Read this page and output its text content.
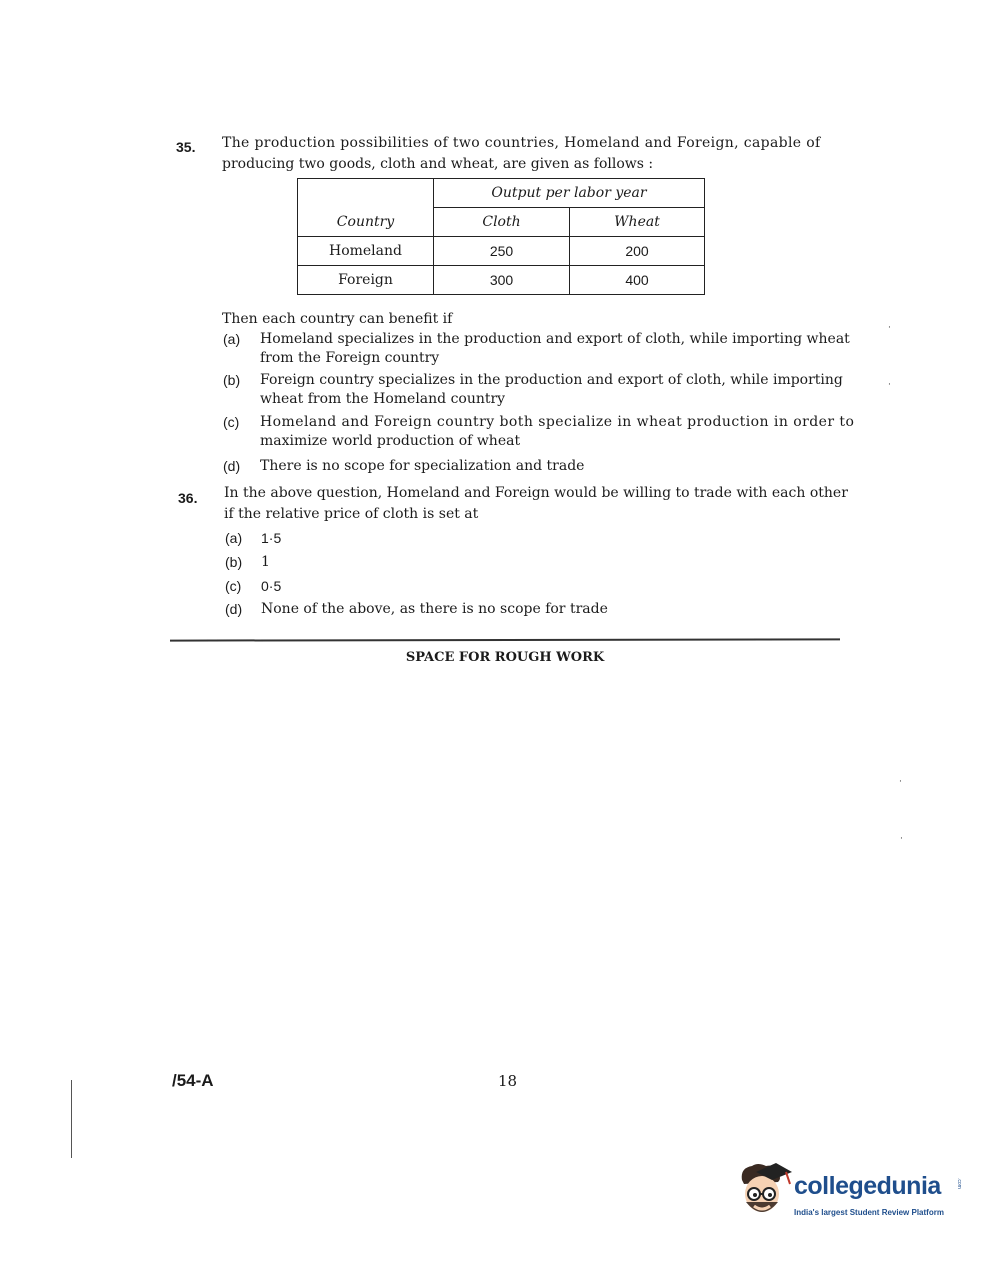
35. The production possibilities of two countries, Homeland and Foreign, capable of
producing two goods, cloth and wheat, are given as follows :
	Output per labor year	
Country	Cloth	Wheat
Homeland	250	200
Foreign	300	400
Then each country can benefit if
(a) Homeland specializes in the production and export of cloth, while importing wheat
from the Foreign country
(b) Foreign country specializes in the production and export of cloth, while importing
wheat from the Homeland country
(c) Homeland and Foreign country both specialize in wheat production in order to
maximize world production of wheat
(d) There is no scope for specialization and trade
36. In the above question, Homeland and Foreign would be willing to trade with each other
if the relative price of cloth is set at
(a) 1·5
(b) 1
(c) 0·5
(d) None of the above, as there is no scope for trade
SPACE FOR ROUGH WORK
/54-A	18
·
·
·
·
collegedunia	.com
India's largest Student Review Platform
